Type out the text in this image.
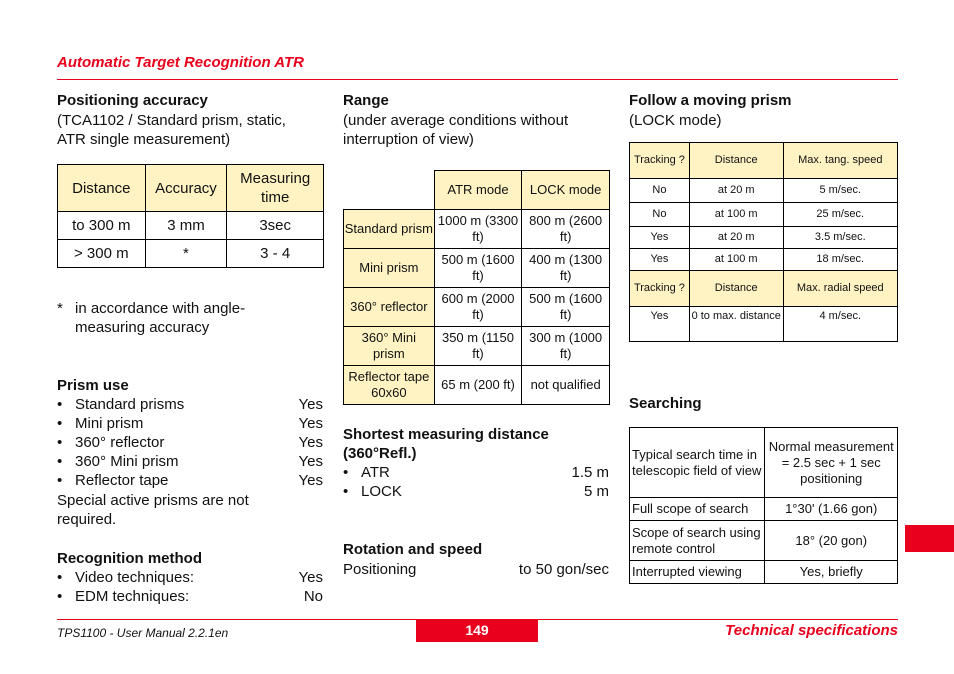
Automatic Target Recognition ATR
Positioning accuracy
(TCA1102 / Standard prism, static,
ATR single measurement)
Distance	Accuracy	Measuring time
to 300 m	3 mm	3sec
> 300 m	*	3 - 4
* in accordance with angle-
measuring accuracy
Prism use
• Standard prisms	Yes
• Mini prism	Yes
• 360° reflector	Yes
• 360° Mini prism	Yes
• Reflector tape	Yes
Special active prisms are not
required.
Recognition method
• Video techniques:	Yes
• EDM techniques:	No
Range
(under average conditions without
interruption of view)
	ATR mode	LOCK mode
Standard prism	1000 m (3300 ft)	800 m (2600 ft)
Mini prism	500 m (1600 ft)	400 m (1300 ft)
360° reflector	600 m (2000 ft)	500 m (1600 ft)
360° Mini prism	350 m (1150 ft)	300 m (1000 ft)
Reflector tape 60x60	65 m (200 ft)	not qualified
Shortest measuring distance
(360°Refl.)
• ATR	1.5 m
• LOCK	5 m
Rotation and speed
Positioning	to 50 gon/sec
Follow a moving prism
(LOCK mode)
Tracking ?	Distance	Max. tang. speed
No	at 20 m	5 m/sec.
No	at 100 m	25 m/sec.
Yes	at 20 m	3.5 m/sec.
Yes	at 100 m	18 m/sec.
Tracking ?	Distance	Max. radial speed
Yes	0 to max. distance	4 m/sec.
Searching
Typical search time in telescopic field of view	Normal measurement = 2.5 sec + 1 sec positioning
Full scope of search	1°30' (1.66 gon)
Scope of search using remote control	18° (20 gon)
Interrupted viewing	Yes, briefly
TPS1100 - User Manual 2.2.1en	149	Technical specifications
